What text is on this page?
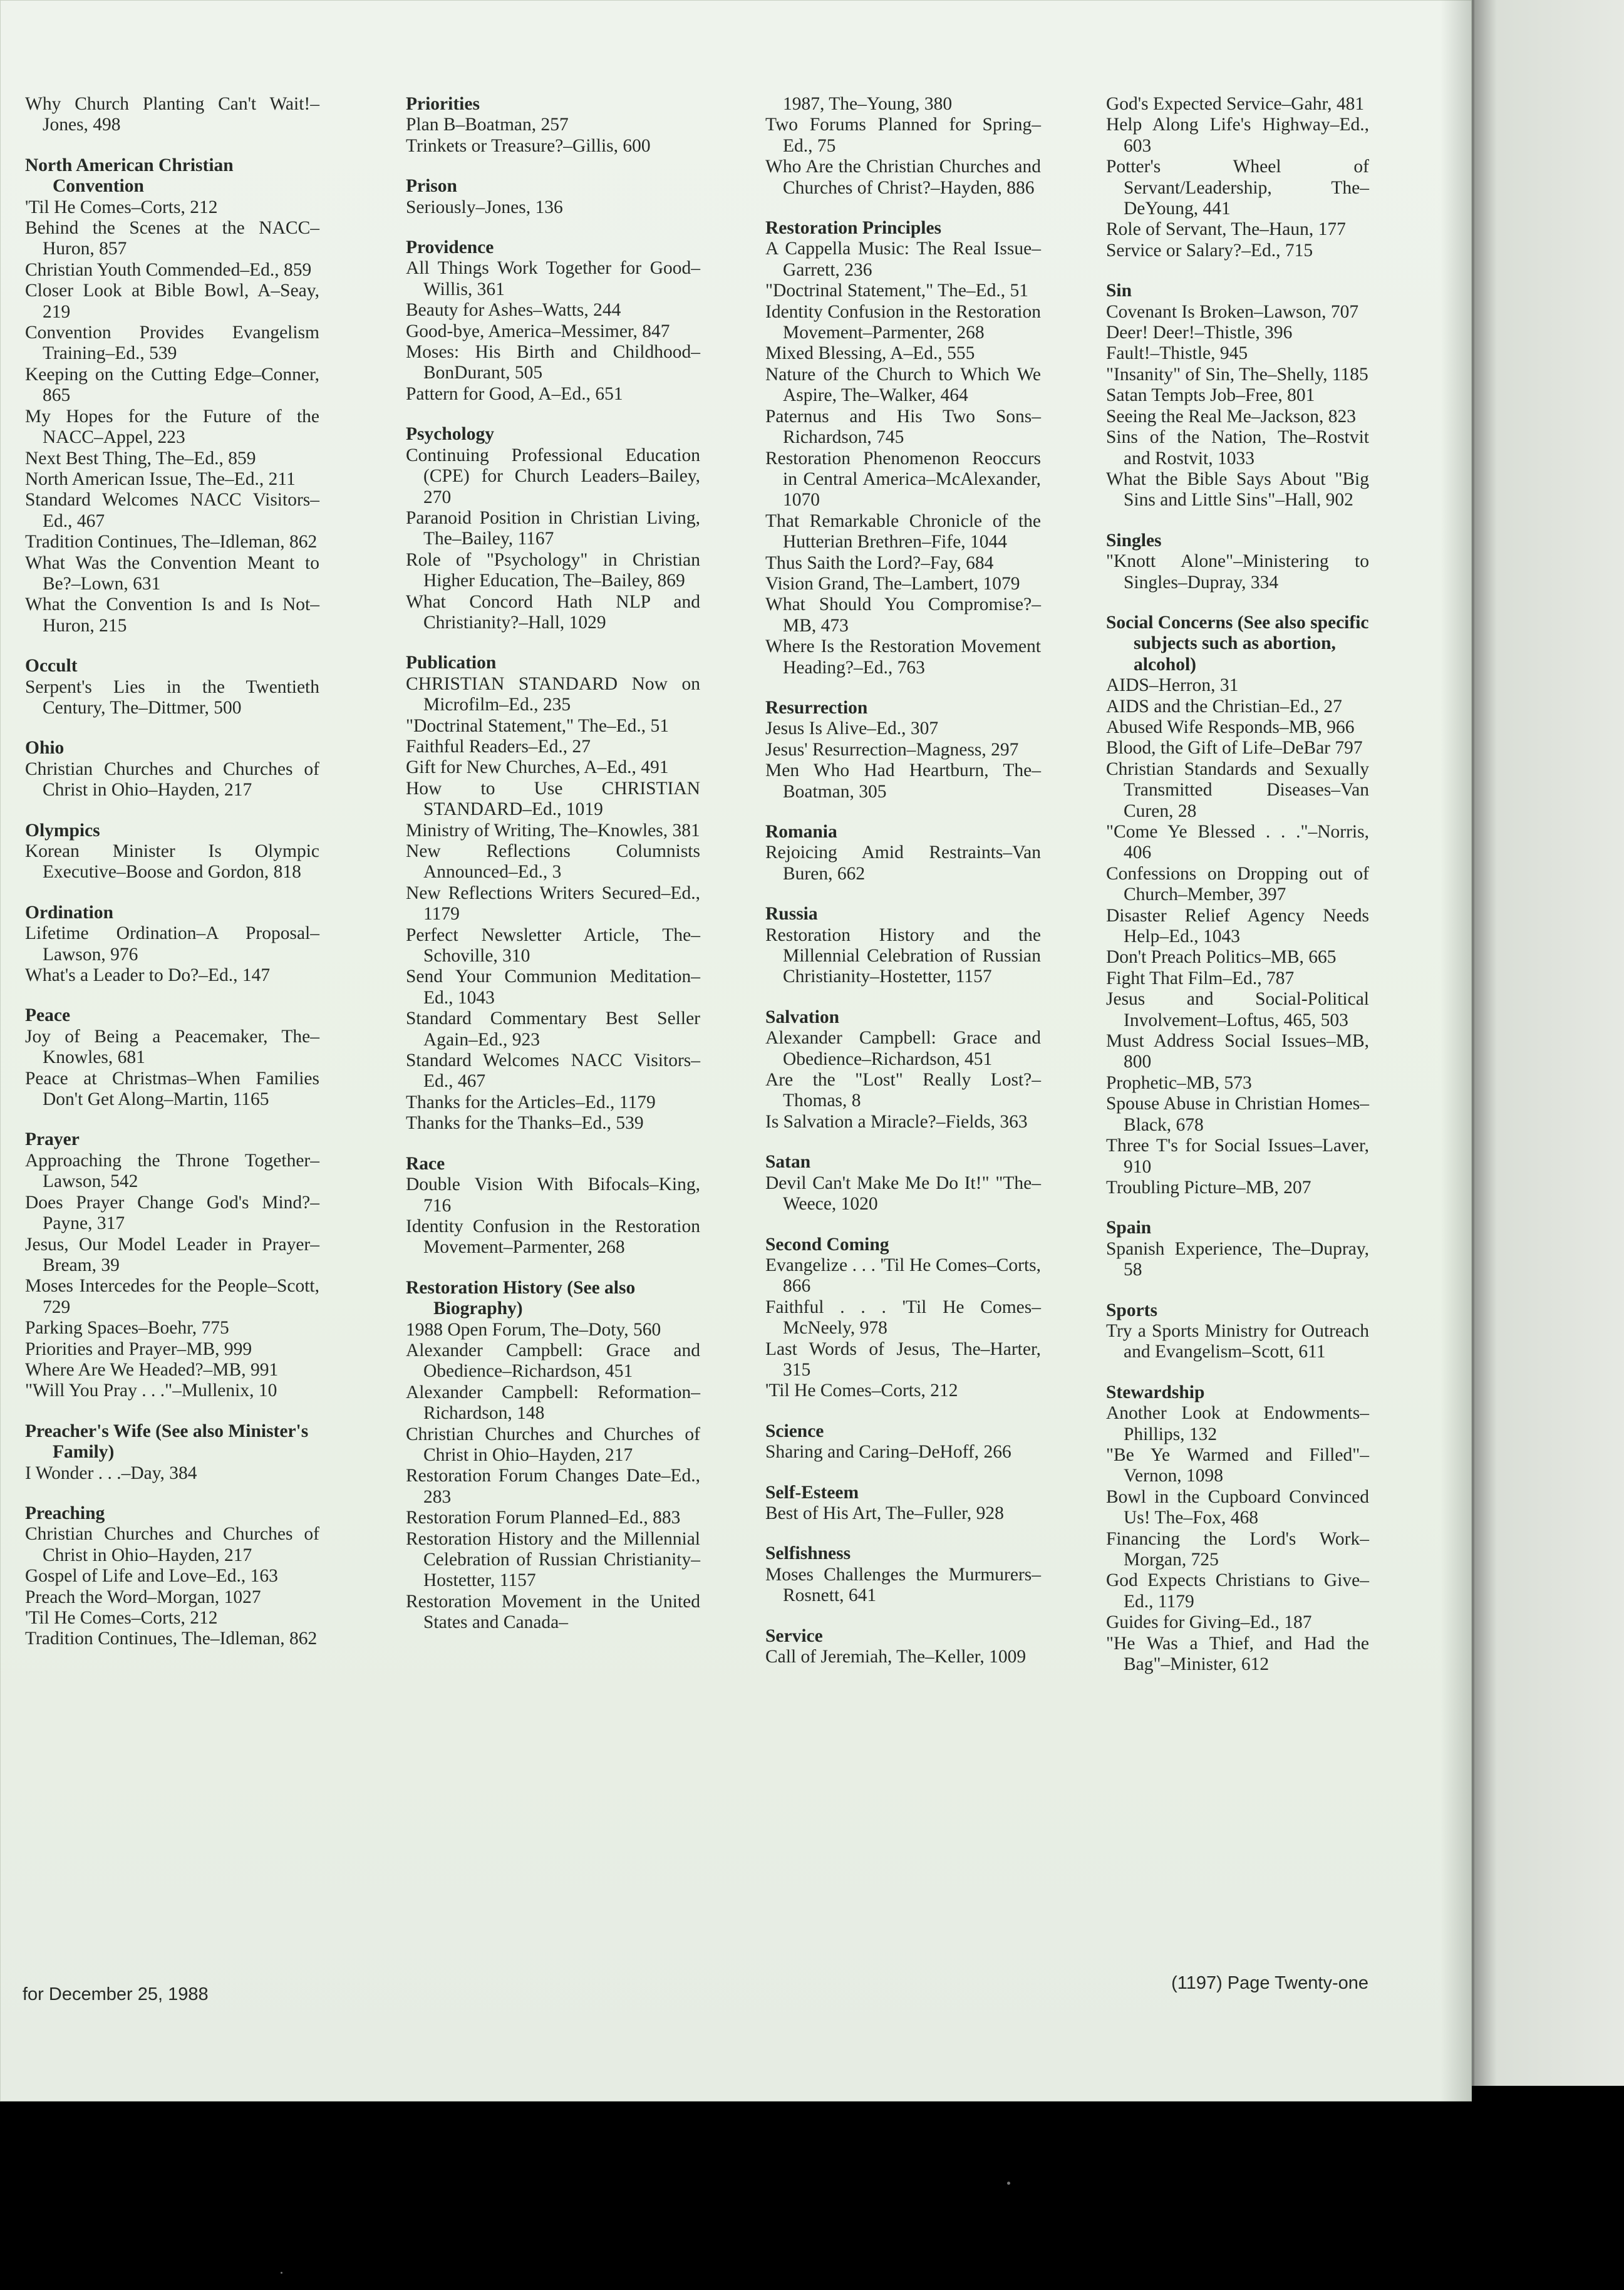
Why Church Planting Can't Wait!–Jones, 498
North American Christian Convention
'Til He Comes–Corts, 212
Behind the Scenes at the NACC–Huron, 857
Christian Youth Commended–Ed., 859
Closer Look at Bible Bowl, A–Seay, 219
Convention Provides Evangelism Training–Ed., 539
Keeping on the Cutting Edge–Conner, 865
My Hopes for the Future of the NACC–Appel, 223
Next Best Thing, The–Ed., 859
North American Issue, The–Ed., 211
Standard Welcomes NACC Visitors–Ed., 467
Tradition Continues, The–Idleman, 862
What Was the Convention Meant to Be?–Lown, 631
What the Convention Is and Is Not–Huron, 215
Occult
Serpent's Lies in the Twentieth Century, The–Dittmer, 500
Ohio
Christian Churches and Churches of Christ in Ohio–Hayden, 217
Olympics
Korean Minister Is Olympic Executive–Boose and Gordon, 818
Ordination
Lifetime Ordination–A Proposal–Lawson, 976
What's a Leader to Do?–Ed., 147
Peace
Joy of Being a Peacemaker, The–Knowles, 681
Peace at Christmas–When Families Don't Get Along–Martin, 1165
Prayer
Approaching the Throne Together–Lawson, 542
Does Prayer Change God's Mind?–Payne, 317
Jesus, Our Model Leader in Prayer–Bream, 39
Moses Intercedes for the People–Scott, 729
Parking Spaces–Boehr, 775
Priorities and Prayer–MB, 999
Where Are We Headed?–MB, 991
"Will You Pray . . ."–Mullenix, 10
Preacher's Wife (See also Minister's Family)
I Wonder . . .–Day, 384
Preaching
Christian Churches and Churches of Christ in Ohio–Hayden, 217
Gospel of Life and Love–Ed., 163
Preach the Word–Morgan, 1027
'Til He Comes–Corts, 212
Tradition Continues, The–Idleman, 862
Priorities
Plan B–Boatman, 257
Trinkets or Treasure?–Gillis, 600
Prison
Seriously–Jones, 136
Providence
All Things Work Together for Good–Willis, 361
Beauty for Ashes–Watts, 244
Good-bye, America–Messimer, 847
Moses: His Birth and Childhood–BonDurant, 505
Pattern for Good, A–Ed., 651
Psychology
Continuing Professional Education (CPE) for Church Leaders–Bailey, 270
Paranoid Position in Christian Living, The–Bailey, 1167
Role of "Psychology" in Christian Higher Education, The–Bailey, 869
What Concord Hath NLP and Christianity?–Hall, 1029
Publication
CHRISTIAN STANDARD Now on Microfilm–Ed., 235
"Doctrinal Statement," The–Ed., 51
Faithful Readers–Ed., 27
Gift for New Churches, A–Ed., 491
How to Use CHRISTIAN STANDARD–Ed., 1019
Ministry of Writing, The–Knowles, 381
New Reflections Columnists Announced–Ed., 3
New Reflections Writers Secured–Ed., 1179
Perfect Newsletter Article, The–Schoville, 310
Send Your Communion Meditation–Ed., 1043
Standard Commentary Best Seller Again–Ed., 923
Standard Welcomes NACC Visitors–Ed., 467
Thanks for the Articles–Ed., 1179
Thanks for the Thanks–Ed., 539
Race
Double Vision With Bifocals–King, 716
Identity Confusion in the Restoration Movement–Parmenter, 268
Restoration History (See also Biography)
1988 Open Forum, The–Doty, 560
Alexander Campbell: Grace and Obedience–Richardson, 451
Alexander Campbell: Reformation–Richardson, 148
Christian Churches and Churches of Christ in Ohio–Hayden, 217
Restoration Forum Changes Date–Ed., 283
Restoration Forum Planned–Ed., 883
Restoration History and the Millennial Celebration of Russian Christianity–Hostetter, 1157
Restoration Movement in the United States and Canada–
1987, The–Young, 380
Two Forums Planned for Spring–Ed., 75
Who Are the Christian Churches and Churches of Christ?–Hayden, 886
Restoration Principles
A Cappella Music: The Real Issue–Garrett, 236
"Doctrinal Statement," The–Ed., 51
Identity Confusion in the Restoration Movement–Parmenter, 268
Mixed Blessing, A–Ed., 555
Nature of the Church to Which We Aspire, The–Walker, 464
Paternus and His Two Sons–Richardson, 745
Restoration Phenomenon Reoccurs in Central America–McAlexander, 1070
That Remarkable Chronicle of the Hutterian Brethren–Fife, 1044
Thus Saith the Lord?–Fay, 684
Vision Grand, The–Lambert, 1079
What Should You Compromise?–MB, 473
Where Is the Restoration Movement Heading?–Ed., 763
Resurrection
Jesus Is Alive–Ed., 307
Jesus' Resurrection–Magness, 297
Men Who Had Heartburn, The–Boatman, 305
Romania
Rejoicing Amid Restraints–Van Buren, 662
Russia
Restoration History and the Millennial Celebration of Russian Christianity–Hostetter, 1157
Salvation
Alexander Campbell: Grace and Obedience–Richardson, 451
Are the "Lost" Really Lost?–Thomas, 8
Is Salvation a Miracle?–Fields, 363
Satan
Devil Can't Make Me Do It!" "The–Weece, 1020
Second Coming
Evangelize . . . 'Til He Comes–Corts, 866
Faithful . . . 'Til He Comes–McNeely, 978
Last Words of Jesus, The–Harter, 315
'Til He Comes–Corts, 212
Science
Sharing and Caring–DeHoff, 266
Self-Esteem
Best of His Art, The–Fuller, 928
Selfishness
Moses Challenges the Murmurers–Rosnett, 641
Service
Call of Jeremiah, The–Keller, 1009
God's Expected Service–Gahr, 481
Help Along Life's Highway–Ed., 603
Potter's Wheel of Servant/Leadership, The–DeYoung, 441
Role of Servant, The–Haun, 177
Service or Salary?–Ed., 715
Sin
Covenant Is Broken–Lawson, 707
Deer! Deer!–Thistle, 396
Fault!–Thistle, 945
"Insanity" of Sin, The–Shelly, 1185
Satan Tempts Job–Free, 801
Seeing the Real Me–Jackson, 823
Sins of the Nation, The–Rostvit and Rostvit, 1033
What the Bible Says About "Big Sins and Little Sins"–Hall, 902
Singles
"Knott Alone"–Ministering to Singles–Dupray, 334
Social Concerns (See also specific subjects such as abortion, alcohol)
AIDS–Herron, 31
AIDS and the Christian–Ed., 27
Abused Wife Responds–MB, 966
Blood, the Gift of Life–DeBar 797
Christian Standards and Sexually Transmitted Diseases–Van Curen, 28
"Come Ye Blessed . . ."–Norris, 406
Confessions on Dropping out of Church–Member, 397
Disaster Relief Agency Needs Help–Ed., 1043
Don't Preach Politics–MB, 665
Fight That Film–Ed., 787
Jesus and Social-Political Involvement–Loftus, 465, 503
Must Address Social Issues–MB, 800
Prophetic–MB, 573
Spouse Abuse in Christian Homes–Black, 678
Three T's for Social Issues–Laver, 910
Troubling Picture–MB, 207
Spain
Spanish Experience, The–Dupray, 58
Sports
Try a Sports Ministry for Outreach and Evangelism–Scott, 611
Stewardship
Another Look at Endowments–Phillips, 132
"Be Ye Warmed and Filled"–Vernon, 1098
Bowl in the Cupboard Convinced Us! The–Fox, 468
Financing the Lord's Work–Morgan, 725
God Expects Christians to Give–Ed., 1179
Guides for Giving–Ed., 187
"He Was a Thief, and Had the Bag"–Minister, 612
for December 25, 1988
(1197) Page Twenty-one
